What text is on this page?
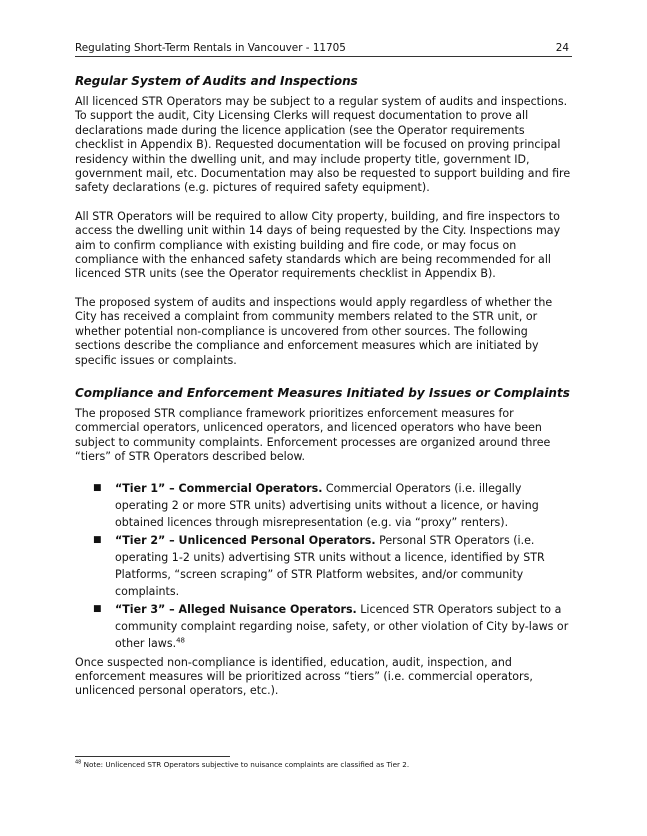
Regulating Short-Term Rentals in Vancouver - 11705	24
Regular System of Audits and Inspections

All licenced STR Operators may be subject to a regular system of audits and inspections. To support the audit, City Licensing Clerks will request documentation to prove all declarations made during the licence application (see the Operator requirements checklist in Appendix B). Requested documentation will be focused on proving principal residency within the dwelling unit, and may include property title, government ID, government mail, etc. Documentation may also be requested to support building and fire safety declarations (e.g. pictures of required safety equipment).

All STR Operators will be required to allow City property, building, and fire inspectors to access the dwelling unit within 14 days of being requested by the City. Inspections may aim to confirm compliance with existing building and fire code, or may focus on compliance with the enhanced safety standards which are being recommended for all licenced STR units (see the Operator requirements checklist in Appendix B).

The proposed system of audits and inspections would apply regardless of whether the City has received a complaint from community members related to the STR unit, or whether potential non-compliance is uncovered from other sources. The following sections describe the compliance and enforcement measures which are initiated by specific issues or complaints.

Compliance and Enforcement Measures Initiated by Issues or Complaints

The proposed STR compliance framework prioritizes enforcement measures for commercial operators, unlicenced operators, and licenced operators who have been subject to community complaints. Enforcement processes are organized around three “tiers” of STR Operators described below.

■ “Tier 1” – Commercial Operators. Commercial Operators (i.e. illegally operating 2 or more STR units) advertising units without a licence, or having obtained licences through misrepresentation (e.g. via “proxy” renters).
■ “Tier 2” – Unlicenced Personal Operators. Personal STR Operators (i.e. operating 1-2 units) advertising STR units without a licence, identified by STR Platforms, “screen scraping” of STR Platform websites, and/or community complaints.
■ “Tier 3” – Alleged Nuisance Operators. Licenced STR Operators subject to a community complaint regarding noise, safety, or other violation of City by-laws or other laws.$^{48}$

Once suspected non-compliance is identified, education, audit, inspection, and enforcement measures will be prioritized across “tiers” (i.e. commercial operators, unlicenced personal operators, etc.).

$^{48}$ Note: Unlicenced STR Operators subjective to nuisance complaints are classified as Tier 2.
